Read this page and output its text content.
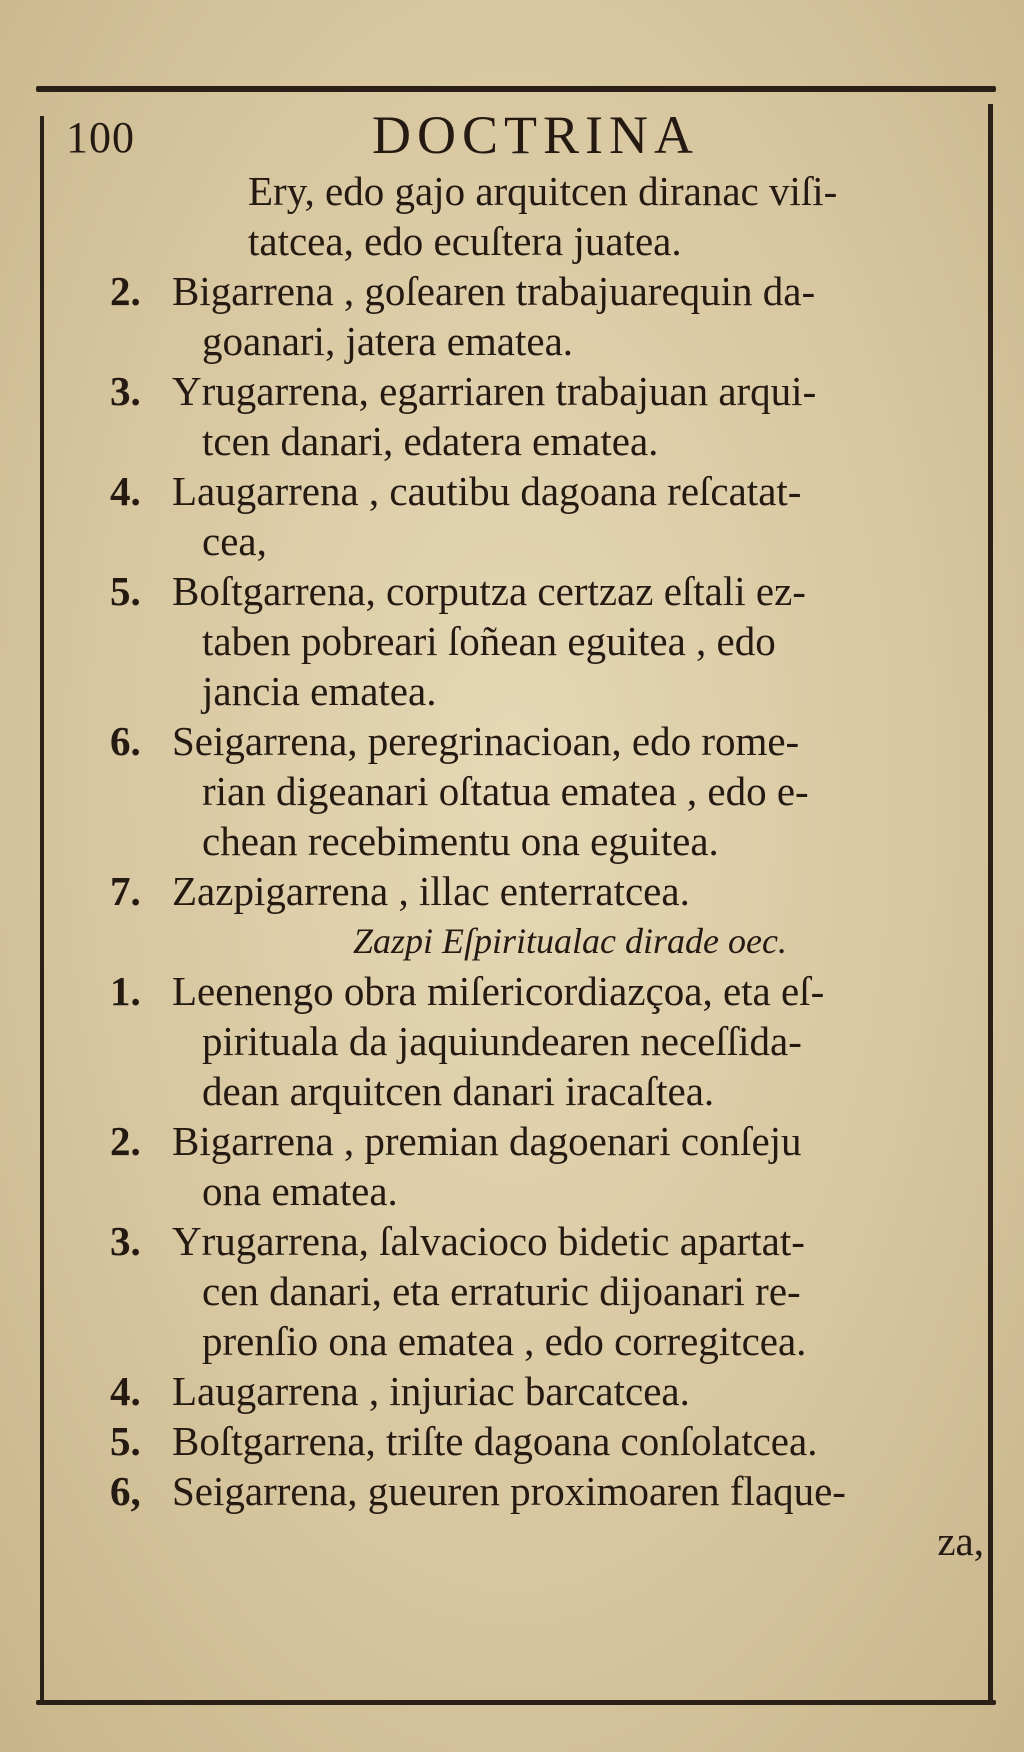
100	DOCTRINA
Ery, edo gajo arquitcen diranac viſi-
tatcea, edo ecuſtera juatea.
2. Bigarrena , goſearen trabajuarequin da-
goanari, jatera ematea.
3. Yrugarrena, egarriaren trabajuan arqui-
tcen danari, edatera ematea.
4. Laugarrena , cautibu dagoana reſcatat-
cea,
5. Boſtgarrena, corputza certzaz eſtali ez-
taben pobreari ſoñean eguitea , edo
jancia ematea.
6. Seigarrena, peregrinacioan, edo rome-
rian digeanari oſtatua ematea , edo e-
chean recebimentu ona eguitea.
7. Zazpigarrena , illac enterratcea.
Zazpi Eſpiritualac dirade oec.
1. Leenengo obra miſericordiazçoa, eta eſ-
pirituala da jaquiundearen neceſſida-
dean arquitcen danari iracaſtea.
2. Bigarrena , premian dagoenari conſeju
ona ematea.
3. Yrugarrena, ſalvacioco bidetic apartat-
cen danari, eta erraturic dijoanari re-
prenſio ona ematea , edo corregitcea.
4. Laugarrena , injuriac barcatcea.
5. Boſtgarrena, triſte dagoana conſolatcea.
6, Seigarrena, gueuren proximoaren flaque-
za,
